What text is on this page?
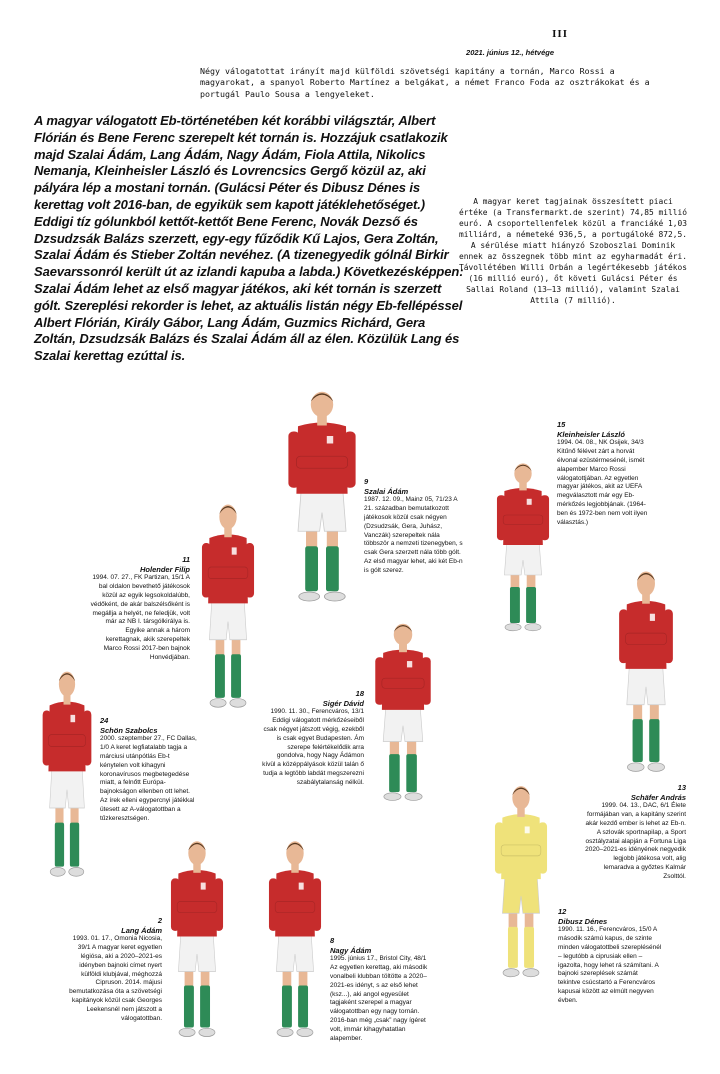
III
2021. június 12., hétvége
Négy válogatottat irányít majd külföldi szövetségi kapitány a tornán, Marco Rossi a magyarokat, a spanyol Roberto Martínez a belgákat, a német Franco Foda az osztrákokat és a portugál Paulo Sousa a lengyeleket.
A magyar válogatott Eb-történetében két korábbi világsztár, Albert Flórián és Bene Ferenc szerepelt két tornán is. Hozzájuk csatlakozik majd Szalai Ádám, Lang Ádám, Nagy Ádám, Fiola Attila, Nikolics Nemanja, Kleinheisler László és Lovrencsics Gergő közül az, aki pályára lép a mostani tornán. (Gulácsi Péter és Dibusz Dénes is kerettag volt 2016-ban, de egyikük sem kapott játéklehetőséget.) Eddigi tíz gólunkból kettőt-kettőt Bene Ferenc, Novák Dezső és Dzsudzsák Balázs szerzett, egy-egy fűződik Kű Lajos, Gera Zoltán, Szalai Ádám és Stieber Zoltán nevéhez. (A tizenegyedik gólnál Birkir Saevarssonról került út az izlandi kapuba a labda.) Következésképpen: Szalai Ádám lehet az első magyar játékos, aki két tornán is szerzett gólt. Szereplési rekorder is lehet, az aktuális listán négy Eb-fellépéssel Albert Flórián, Király Gábor, Lang Ádám, Guzmics Richárd, Gera Zoltán, Dzsudzsák Balázs és Szalai Ádám áll az élen. Közülük Lang és Szalai kerettag ezúttal is.
A magyar keret tagjainak összesített piaci értéke (a Transfermarkt.de szerint) 74,85 millió euró. A csoportellenfelek közül a franciáké 1,03 milliárd, a németeké 936,5, a portugáloké 872,5. A sérülése miatt hiányzó Szoboszlai Dominik ennek az összegnek több mint az egyharmadát éri. Távollétében Willi Orbán a legértékesebb játékos (16 millió euró), őt követi Gulácsi Péter és Sallai Roland (13–13 millió), valamint Szalai Attila (7 millió).
9
Szalai Ádám
1987. 12. 09., Mainz 05, 71/23 A 21. században bemutatkozott játékosok közül csak négyen (Dzsudzsák, Gera, Juhász, Vanczák) szerepeltek nála többször a nemzeti tizenegyben, s csak Gera szerzett nála több gólt. Az első magyar lehet, aki két Eb-n is gólt szerez.
15
Kleinheisler László
1994. 04. 08., NK Osijek, 34/3 Kitűnő félévet zárt a horvát élvonal ezüstérmesénél, ismét alapember Marco Rossi válogatottjában. Az egyetlen magyar játékos, akit az UEFA megválasztott már egy Eb-mérkőzés legjobbjának. (1964-ben és 1972-ben nem volt ilyen választás.)
11
Holender Filip
1994. 07. 27., FK Partizan, 15/1 A bal oldalon bevethető játékosok közül az egyik legsokoldalúbb, védőként, de akár balszélsőként is megállja a helyét, ne feledjük, volt már az NB I. társgólkirálya is. Egyike annak a három kerettagnak, akik szerepeltek Marco Rossi 2017-ben bajnok Honvédjában.
18
Sigér Dávid
1990. 11. 30., Ferencváros, 13/1 Eddigi válogatott mérkőzéseiből csak négyet játszott végig, ezekből is csak egyet Budapesten. Ám szerepe felértékelődik arra gondolva, hogy Nagy Ádámon kívül a középpályások közül talán ő tudja a legtöbb labdát megszerezni szabálytalanság nélkül.
24
Schön Szabolcs
2000. szeptember 27., FC Dallas, 1/0 A keret legfiatalabb tagja a márciusi utánpótlás Eb-t kénytelen volt kihagyni koronavírusos megbetegedése miatt, a felnőtt Európa-bajnokságon ellenben ott lehet. Az írek elleni egypercnyi játékkal ütesett az A-válogatottban a tűzkeresztségen.
13
Schäfer András
1999. 04. 13., DAC, 6/1 Élete formájában van, a kapitány szerint akár kezdő ember is lehet az Eb-n. A szlovák sportnapilap, a Sport osztályzatai alapján a Fortuna Liga 2020–2021-es idényének negyedik legjobb játékosa volt, alig lemaradva a győztes Kalmár Zsolttól.
2
Lang Ádám
1993. 01. 17., Omonia Nicosia, 39/1 A magyar keret egyetlen légiósa, aki a 2020–2021-es idényben bajnoki címet nyert külföldi klubjával, méghozzá Cipruson. 2014. májusi bemutatkozása óta a szövetségi kapitányok közül csak Georges Leekensnél nem játszott a válogatottban.
8
Nagy Ádám
1995. június 17., Bristol City, 48/1 Az egyetlen kerettag, aki második vonalbeli klubban töltötte a 2020–2021-es idényt, s az első lehet (ksz...), aki angol egyesület tagjaként szerepel a magyar válogatottban egy nagy tornán. 2016-ban még „csak” nagy ígéret volt, immár kihagyhatatlan alapember.
12
Dibusz Dénes
1990. 11. 16., Ferencváros, 15/0 A második számú kapus, de szinte minden válogatottbeli szereplésénél – legutóbb a ciprusiak ellen – igazolta, hogy lehet rá számítani. A bajnoki szereplések számát tekintve csúcstartó a Ferencváros kapusai között az elmúlt negyven évben.
